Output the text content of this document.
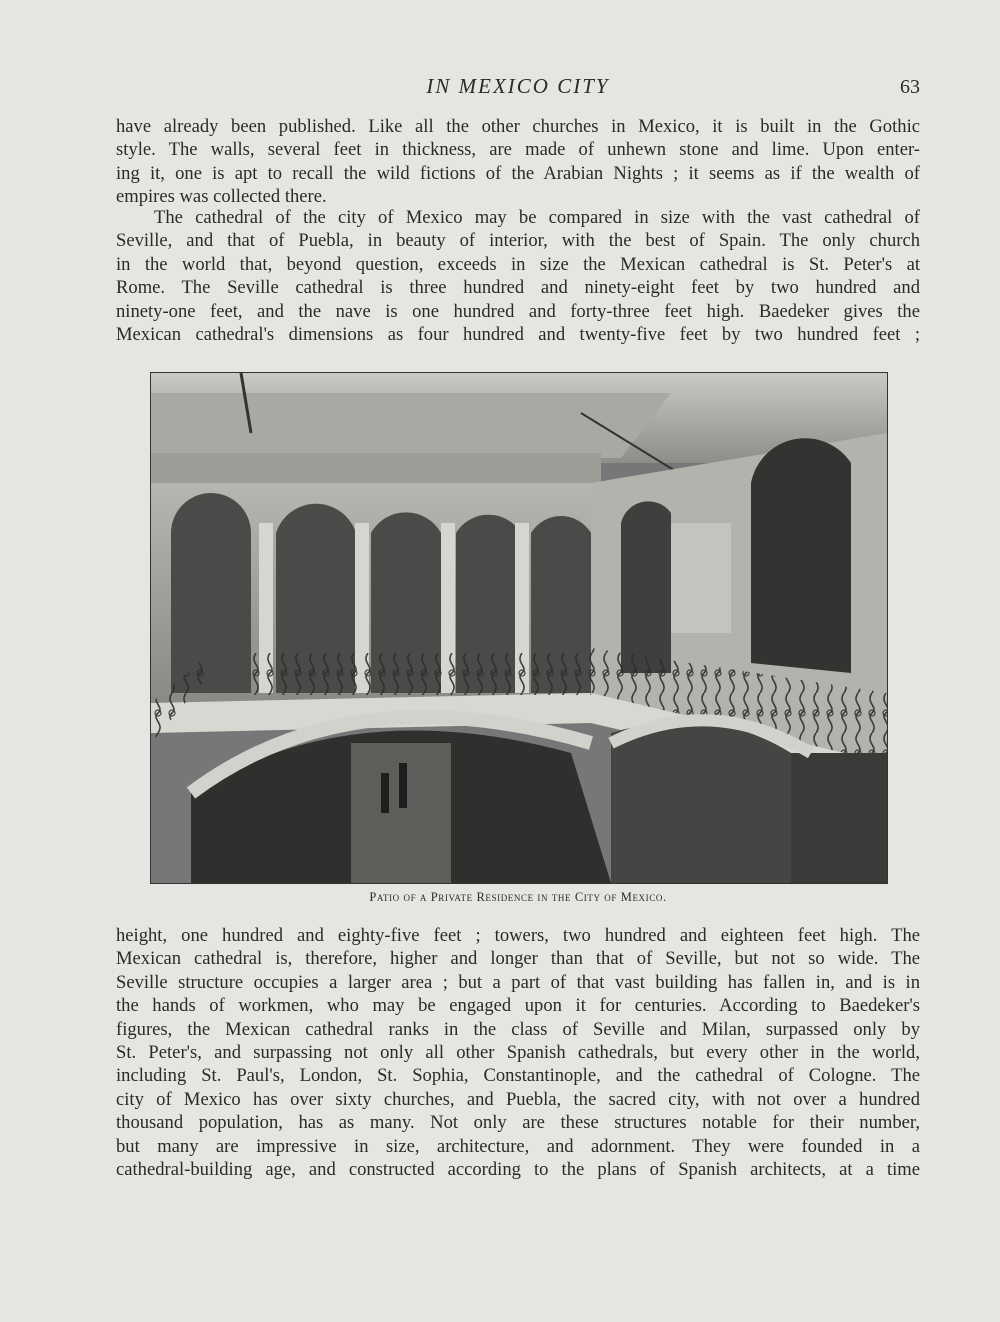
IN MEXICO CITY	63
have already been published. Like all the other churches in Mexico, it is built in the Gothic
style. The walls, several feet in thickness, are made of unhewn stone and lime. Upon enter-
ing it, one is apt to recall the wild fictions of the Arabian Nights ; it seems as if the wealth of
empires was collected there.
The cathedral of the city of Mexico may be compared in size with the vast cathedral of
Seville, and that of Puebla, in beauty of interior, with the best of Spain. The only church
in the world that, beyond question, exceeds in size the Mexican cathedral is St. Peter's at
Rome. The Seville cathedral is three hundred and ninety-eight feet by two hundred and
ninety-one feet, and the nave is one hundred and forty-three feet high. Baedeker gives the
Mexican cathedral's dimensions as four hundred and twenty-five feet by two hundred feet ;
Patio of a Private Residence in the City of Mexico.
height, one hundred and eighty-five feet ; towers, two hundred and eighteen feet high. The
Mexican cathedral is, therefore, higher and longer than that of Seville, but not so wide. The
Seville structure occupies a larger area ; but a part of that vast building has fallen in, and is in
the hands of workmen, who may be engaged upon it for centuries. According to Baedeker's
figures, the Mexican cathedral ranks in the class of Seville and Milan, surpassed only by
St. Peter's, and surpassing not only all other Spanish cathedrals, but every other in the world,
including St. Paul's, London, St. Sophia, Constantinople, and the cathedral of Cologne. The
city of Mexico has over sixty churches, and Puebla, the sacred city, with not over a hundred
thousand population, has as many. Not only are these structures notable for their number,
but many are impressive in size, architecture, and adornment. They were founded in a
cathedral-building age, and constructed according to the plans of Spanish architects, at a time
